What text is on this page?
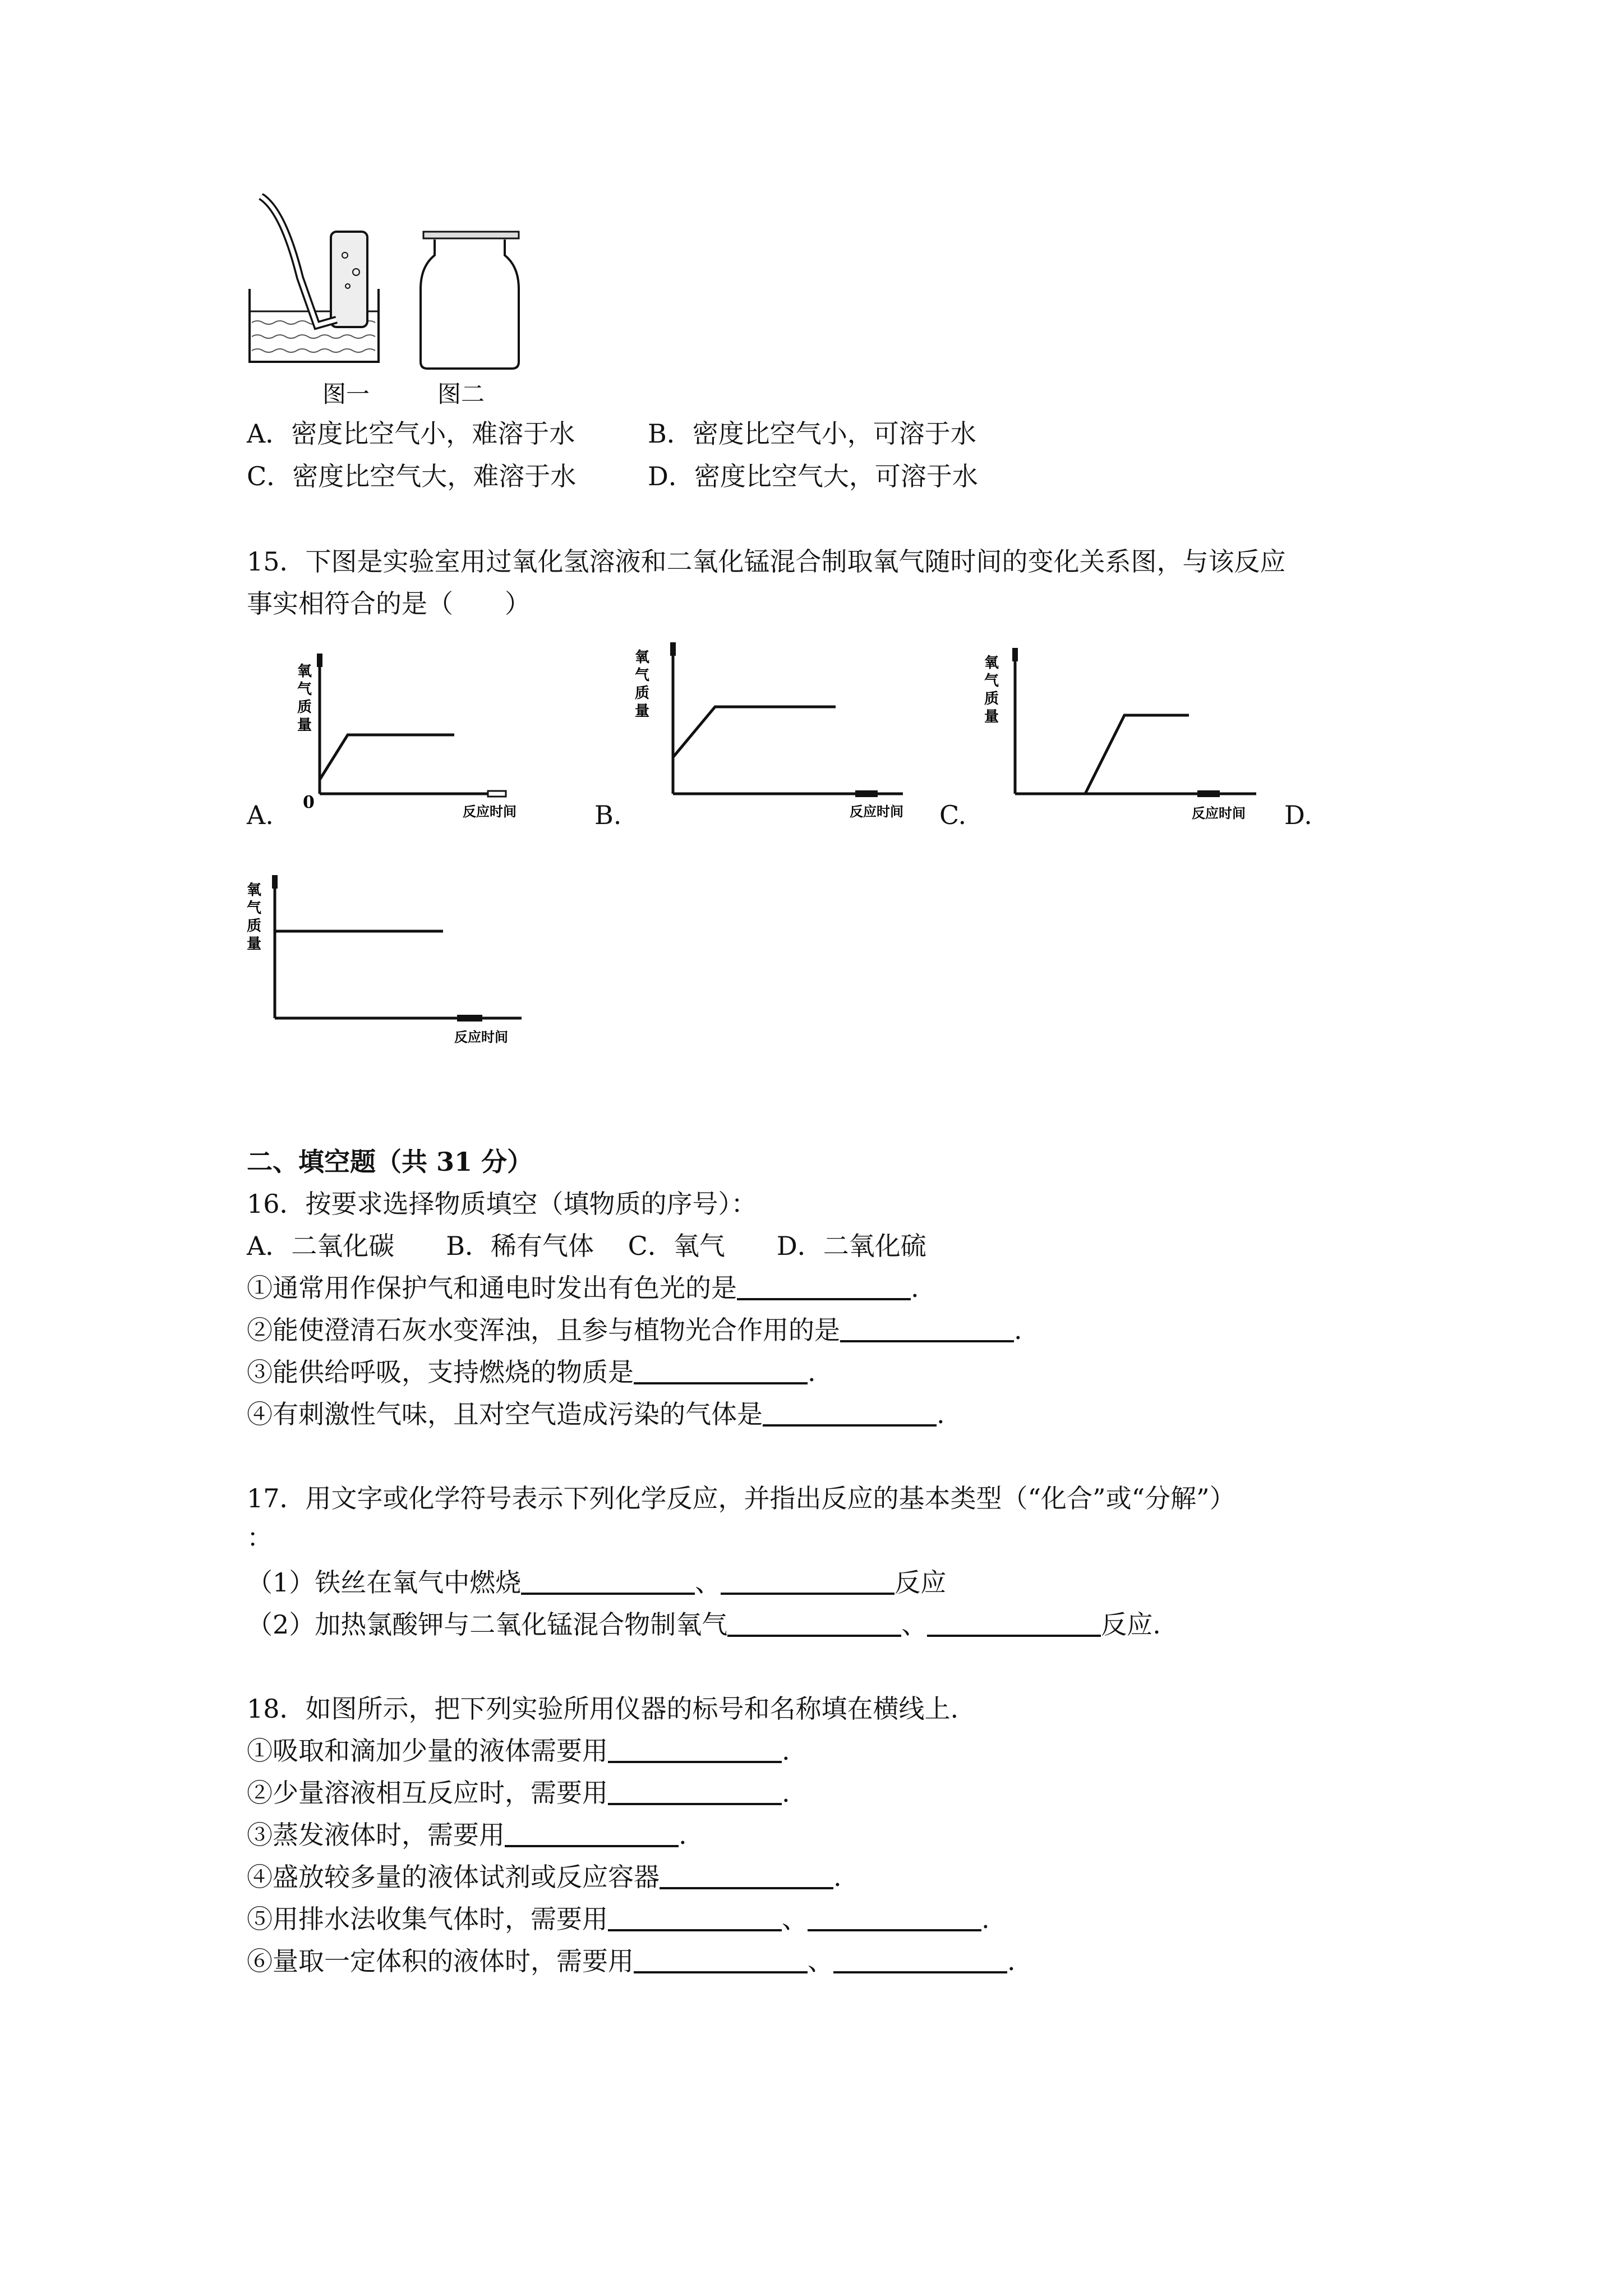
图一	图二
A．密度比空气小，难溶于水	B．密度比空气小，可溶于水
C．密度比空气大，难溶于水	D．密度比空气大，可溶于水
15．下图是实验室用过氧化氢溶液和二氧化锰混合制取氧气随时间的变化关系图，与该反应
事实相符合的是（　　）
氧
气
质
量
0	反应时间
A.
氧
气
质
量
反应时间
B.
氧
气
质
量
反应时间
C.	D.
氧
气
质
量
反应时间
二、填空题（共 31 分）
16．按要求选择物质填空（填物质的序号）：
A．二氧化碳　　B．稀有气体　 C．氧气　　D．二氧化硫
①通常用作保护气和通电时发出有色光的是	.
②能使澄清石灰水变浑浊，且参与植物光合作用的是	.
③能供给呼吸，支持燃烧的物质是	.
④有刺激性气味，且对空气造成污染的气体是	.
17．用文字或化学符号表示下列化学反应，并指出反应的基本类型（“化合”或“分解”）
：
（1）铁丝在氧气中燃烧	、	反应
（2）加热氯酸钾与二氧化锰混合物制氧气	、	反应.
18．如图所示，把下列实验所用仪器的标号和名称填在横线上.
①吸取和滴加少量的液体需要用	.
②少量溶液相互反应时，需要用	.
③蒸发液体时，需要用	.
④盛放较多量的液体试剂或反应容器	.
⑤用排水法收集气体时，需要用	、	.
⑥量取一定体积的液体时，需要用	、	.
